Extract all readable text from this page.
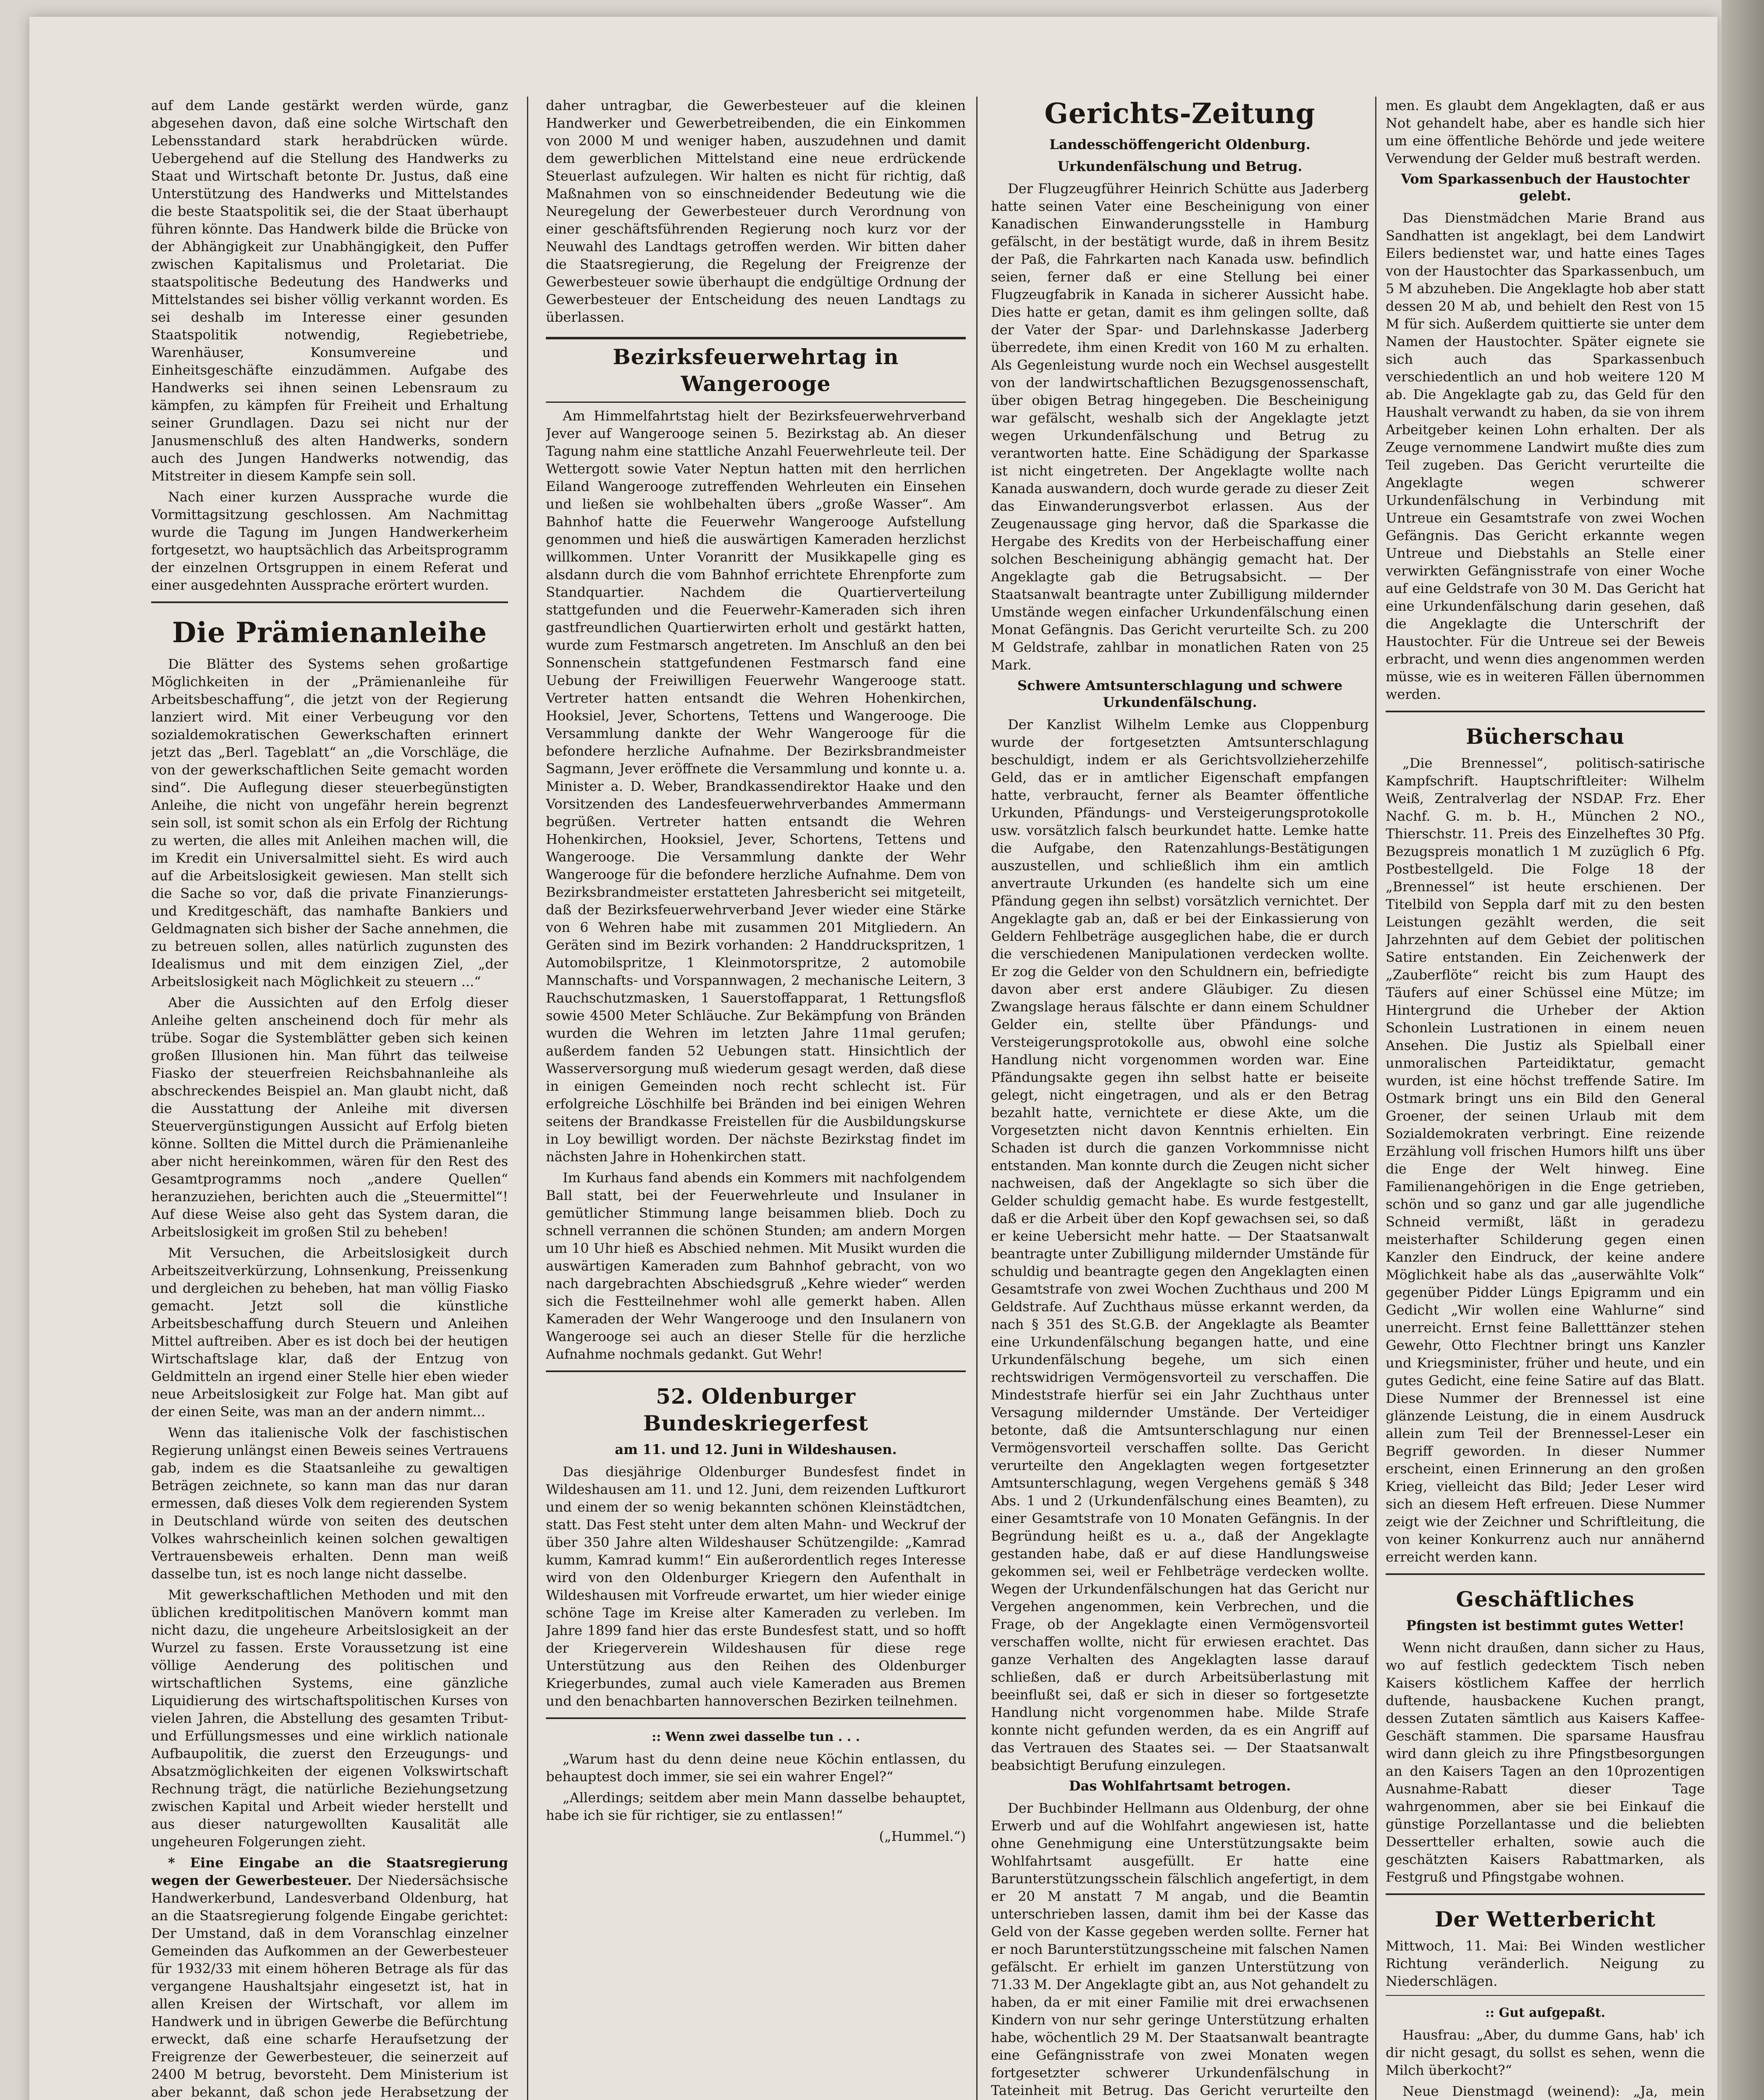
auf dem Lande gestärkt werden würde, ganz abgesehen davon, daß eine solche Wirtschaft den Lebensstandard stark herabdrücken würde. Uebergehend auf die Stellung des Handwerks zu Staat und Wirtschaft betonte Dr. Justus, daß eine Unterstützung des Handwerks und Mittelstandes die beste Staatspolitik sei, die der Staat überhaupt führen könnte. Das Handwerk bilde die Brücke von der Abhängigkeit zur Unabhängigkeit, den Puffer zwischen Kapitalismus und Proletariat. Die staatspolitische Bedeutung des Handwerks und Mittelstandes sei bisher völlig verkannt worden. Es sei deshalb im Interesse einer gesunden Staatspolitik notwendig, Regiebetriebe, Warenhäuser, Konsumvereine und Einheitsgeschäfte einzudämmen. Aufgabe des Handwerks sei ihnen seinen Lebensraum zu kämpfen, zu kämpfen für Freiheit und Erhaltung seiner Grundlagen. Dazu sei nicht nur der Janusmenschluß des alten Handwerks, sondern auch des Jungen Handwerks notwendig, das Mitstreiter in diesem Kampfe sein soll.

Nach einer kurzen Aussprache wurde die Vormittagsitzung geschlossen. Am Nachmittag wurde die Tagung im Jungen Handwerkerheim fortgesetzt, wo hauptsächlich das Arbeitsprogramm der einzelnen Ortsgruppen in einem Referat und einer ausgedehnten Aussprache erörtert wurden.

Die Prämienanleihe

Die Blätter des Systems sehen großartige Möglichkeiten in der „Prämienanleihe für Arbeitsbeschaffung“, die jetzt von der Regierung lanziert wird. Mit einer Verbeugung vor den sozialdemokratischen Gewerkschaften erinnert jetzt das „Berl. Tageblatt“ an „die Vorschläge, die von der gewerkschaftlichen Seite gemacht worden sind“. Die Auflegung dieser steuerbegünstigten Anleihe, die nicht von ungefähr herein begrenzt sein soll, ist somit schon als ein Erfolg der Richtung zu werten, die alles mit Anleihen machen will, die im Kredit ein Universalmittel sieht. Es wird auch auf die Arbeitslosigkeit gewiesen. Man stellt sich die Sache so vor, daß die private Finanzierungs- und Kreditgeschäft, das namhafte Bankiers und Geldmagnaten sich bisher der Sache annehmen, die zu betreuen sollen, alles natürlich zugunsten des Idealismus und mit dem einzigen Ziel, „der Arbeitslosigkeit nach Möglichkeit zu steuern ...“

Aber die Aussichten auf den Erfolg dieser Anleihe gelten anscheinend doch für mehr als trübe. Sogar die Systemblätter geben sich keinen großen Illusionen hin. Man führt das teilweise Fiasko der steuerfreien Reichsbahnanleihe als abschreckendes Beispiel an. Man glaubt nicht, daß die Ausstattung der Anleihe mit diversen Steuervergünstigungen Aussicht auf Erfolg bieten könne. Sollten die Mittel durch die Prämienanleihe aber nicht hereinkommen, wären für den Rest des Gesamtprogramms noch „andere Quellen“ heranzuziehen, berichten auch die „Steuermittel“! Auf diese Weise also geht das System daran, die Arbeitslosigkeit im großen Stil zu beheben!

Mit Versuchen, die Arbeitslosigkeit durch Arbeitszeitverkürzung, Lohnsenkung, Preissenkung und dergleichen zu beheben, hat man völlig Fiasko gemacht. Jetzt soll die künstliche Arbeitsbeschaffung durch Steuern und Anleihen Mittel auftreiben. Aber es ist doch bei der heutigen Wirtschaftslage klar, daß der Entzug von Geldmitteln an irgend einer Stelle hier eben wieder neue Arbeitslosigkeit zur Folge hat. Man gibt auf der einen Seite, was man an der andern nimmt...

Wenn das italienische Volk der faschistischen Regierung unlängst einen Beweis seines Vertrauens gab, indem es die Staatsanleihe zu gewaltigen Beträgen zeichnete, so kann man das nur daran ermessen, daß dieses Volk dem regierenden System in Deutschland würde von seiten des deutschen Volkes wahrscheinlich keinen solchen gewaltigen Vertrauensbeweis erhalten. Denn man weiß dasselbe tun, ist es noch lange nicht dasselbe.

Mit gewerkschaftlichen Methoden und mit den üblichen kreditpolitischen Manövern kommt man nicht dazu, die ungeheure Arbeitslosigkeit an der Wurzel zu fassen. Erste Voraussetzung ist eine völlige Aenderung des politischen und wirtschaftlichen Systems, eine gänzliche Liquidierung des wirtschaftspolitischen Kurses von vielen Jahren, die Abstellung des gesamten Tribut- und Erfüllungsmesses und eine wirklich nationale Aufbaupolitik, die zuerst den Erzeugungs- und Absatzmöglichkeiten der eigenen Volkswirtschaft Rechnung trägt, die natürliche Beziehungsetzung zwischen Kapital und Arbeit wieder herstellt und aus dieser naturgewollten Kausalität alle ungeheuren Folgerungen zieht.

* Eine Eingabe an die Staatsregierung wegen der Gewerbesteuer. Der Niedersächsische Handwerkerbund, Landesverband Oldenburg, hat an die Staatsregierung folgende Eingabe gerichtet: Der Umstand, daß in dem Voranschlag einzelner Gemeinden das Aufkommen an der Gewerbesteuer für 1932/33 mit einem höheren Betrage als für das vergangene Haushaltsjahr eingesetzt ist, hat in allen Kreisen der Wirtschaft, vor allem im Handwerk und in übrigen Gewerbe die Befürchtung erweckt, daß eine scharfe Heraufsetzung der Freigrenze der Gewerbesteuer, die seinerzeit auf 2400 M betrug, bevorsteht. Dem Ministerium ist aber bekannt, daß schon jede Herabsetzung der

daher untragbar, die Gewerbesteuer auf die kleinen Handwerker und Gewerbetreibenden, die ein Einkommen von 2000 M und weniger haben, auszudehnen und damit dem gewerblichen Mittelstand eine neue erdrückende Steuerlast aufzulegen. Wir halten es nicht für richtig, daß Maßnahmen von so einschneidender Bedeutung wie die Neuregelung der Gewerbesteuer durch Verordnung von einer geschäftsführenden Regierung noch kurz vor der Neuwahl des Landtags getroffen werden. Wir bitten daher die Staatsregierung, die Regelung der Freigrenze der Gewerbesteuer sowie überhaupt die endgültige Ordnung der Gewerbesteuer der Entscheidung des neuen Landtags zu überlassen.

Bezirksfeuerwehrtag in Wangerooge

Am Himmelfahrtstag hielt der Bezirksfeuerwehrverband Jever auf Wangerooge seinen 5. Bezirkstag ab. An dieser Tagung nahm eine stattliche Anzahl Feuerwehrleute teil. Der Wettergott sowie Vater Neptun hatten mit den herrlichen Eiland Wangerooge zutreffenden Wehrleuten ein Einsehen und ließen sie wohlbehalten übers „große Wasser“. Am Bahnhof hatte die Feuerwehr Wangerooge Aufstellung genommen und hieß die auswärtigen Kameraden herzlichst willkommen. Unter Voranritt der Musikkapelle ging es alsdann durch die vom Bahnhof errichtete Ehrenpforte zum Standquartier. Nachdem die Quartierverteilung stattgefunden und die Feuerwehr-Kameraden sich ihren gastfreundlichen Quartierwirten erholt und gestärkt hatten, wurde zum Festmarsch angetreten. Im Anschluß an den bei Sonnenschein stattgefundenen Festmarsch fand eine Uebung der Freiwilligen Feuerwehr Wangerooge statt. Vertreter hatten entsandt die Wehren Hohenkirchen, Hooksiel, Jever, Schortens, Tettens und Wangerooge. Die Versammlung dankte der Wehr Wangerooge für die befondere herzliche Aufnahme. Der Bezirksbrandmeister Sagmann, Jever eröffnete die Versammlung und konnte u. a. Minister a. D. Weber, Brandkassendirektor Haake und den Vorsitzenden des Landesfeuerwehrverbandes Ammermann begrüßen. Vertreter hatten entsandt die Wehren Hohenkirchen, Hooksiel, Jever, Schortens, Tettens und Wangerooge. Die Versammlung dankte der Wehr Wangerooge für die befondere herzliche Aufnahme. Dem von Bezirksbrandmeister erstatteten Jahresbericht sei mitgeteilt, daß der Bezirksfeuerwehrverband Jever wieder eine Stärke von 6 Wehren habe mit zusammen 201 Mitgliedern. An Geräten sind im Bezirk vorhanden: 2 Handdruckspritzen, 1 Automobilspritze, 1 Kleinmotorspritze, 2 automobile Mannschafts- und Vorspannwagen, 2 mechanische Leitern, 3 Rauchschutzmasken, 1 Sauerstoffapparat, 1 Rettungsfloß sowie 4500 Meter Schläuche. Zur Bekämpfung von Bränden wurden die Wehren im letzten Jahre 11mal gerufen; außerdem fanden 52 Uebungen statt. Hinsichtlich der Wasserversorgung muß wiederum gesagt werden, daß diese in einigen Gemeinden noch recht schlecht ist. Für erfolgreiche Löschhilfe bei Bränden ind bei einigen Wehren seitens der Brandkasse Freistellen für die Ausbildungskurse in Loy bewilligt worden. Der nächste Bezirkstag findet im nächsten Jahre in Hohenkirchen statt.

Im Kurhaus fand abends ein Kommers mit nachfolgendem Ball statt, bei der Feuerwehrleute und Insulaner in gemütlicher Stimmung lange beisammen blieb. Doch zu schnell verrannen die schönen Stunden; am andern Morgen um 10 Uhr hieß es Abschied nehmen. Mit Musikt wurden die auswärtigen Kameraden zum Bahnhof gebracht, von wo nach dargebrachten Abschiedsgruß „Kehre wieder“ werden sich die Festteilnehmer wohl alle gemerkt haben. Allen Kameraden der Wehr Wangerooge und den Insulanern von Wangerooge sei auch an dieser Stelle für die herzliche Aufnahme nochmals gedankt. Gut Wehr!

52. Oldenburger Bundeskriegerfest
am 11. und 12. Juni in Wildeshausen.

Das diesjährige Oldenburger Bundesfest findet in Wildeshausen am 11. und 12. Juni, dem reizenden Luftkurort und einem der so wenig bekannten schönen Kleinstädtchen, statt. Das Fest steht unter dem alten Mahn- und Weckruf der über 350 Jahre alten Wildeshauser Schützengilde: „Kamrad kumm, Kamrad kumm!“ Ein außerordentlich reges Interesse wird von den Oldenburger Kriegern den Aufenthalt in Wildeshausen mit Vorfreude erwartet, um hier wieder einige schöne Tage im Kreise alter Kameraden zu verleben. Im Jahre 1899 fand hier das erste Bundesfest statt, und so hofft der Kriegerverein Wildeshausen für diese rege Unterstützung aus den Reihen des Oldenburger Kriegerbundes, zumal auch viele Kameraden aus Bremen und den benachbarten hannoverschen Bezirken teilnehmen.

:: Wenn zwei dasselbe tun . . .

„Warum hast du denn deine neue Köchin entlassen, du behauptest doch immer, sie sei ein wahrer Engel?“

„Allerdings; seitdem aber mein Mann dasselbe behauptet, habe ich sie für richtiger, sie zu entlassen!“

(„Hummel.“)

Gerichts-Zeitung
Landesschöffengericht Oldenburg.
Urkundenfälschung und Betrug.

Der Flugzeugführer Heinrich Schütte aus Jaderberg hatte seinen Vater eine Bescheinigung von einer Kanadischen Einwanderungsstelle in Hamburg gefälscht, in der bestätigt wurde, daß in ihrem Besitz der Paß, die Fahrkarten nach Kanada usw. befindlich seien, ferner daß er eine Stellung bei einer Flugzeugfabrik in Kanada in sicherer Aussicht habe. Dies hatte er getan, damit es ihm gelingen sollte, daß der Vater der Spar- und Darlehnskasse Jaderberg überredete, ihm einen Kredit von 160 M zu erhalten. Als Gegenleistung wurde noch ein Wechsel ausgestellt von der landwirtschaftlichen Bezugsgenossenschaft, über obigen Betrag hingegeben. Die Bescheinigung war gefälscht, weshalb sich der Angeklagte jetzt wegen Urkundenfälschung und Betrug zu verantworten hatte. Eine Schädigung der Sparkasse ist nicht eingetreten. Der Angeklagte wollte nach Kanada auswandern, doch wurde gerade zu dieser Zeit das Einwanderungsverbot erlassen. Aus der Zeugenaussage ging hervor, daß die Sparkasse die Hergabe des Kredits von der Herbeischaffung einer solchen Bescheinigung abhängig gemacht hat. Der Angeklagte gab die Betrugsabsicht. — Der Staatsanwalt beantragte unter Zubilligung mildernder Umstände wegen einfacher Urkundenfälschung einen Monat Gefängnis. Das Gericht verurteilte Sch. zu 200 M Geldstrafe, zahlbar in monatlichen Raten von 25 Mark.

Schwere Amtsunterschlagung und schwere Urkundenfälschung.

Der Kanzlist Wilhelm Lemke aus Cloppenburg wurde der fortgesetzten Amtsunterschlagung beschuldigt, indem er als Gerichtsvollzieherzehilfe Geld, das er in amtlicher Eigenschaft empfangen hatte, verbraucht, ferner als Beamter öffentliche Urkunden, Pfändungs- und Versteigerungsprotokolle usw. vorsätzlich falsch beurkundet hatte. Lemke hatte die Aufgabe, den Ratenzahlungs-Bestätigungen auszustellen, und schließlich ihm ein amtlich anvertraute Urkunden (es handelte sich um eine Pfändung gegen ihn selbst) vorsätzlich vernichtet. Der Angeklagte gab an, daß er bei der Einkassierung von Geldern Fehlbeträge ausgeglichen habe, die er durch die verschiedenen Manipulationen verdecken wollte. Er zog die Gelder von den Schuldnern ein, befriedigte davon aber erst andere Gläubiger. Zu diesen Zwangslage heraus fälschte er dann einem Schuldner Gelder ein, stellte über Pfändungs- und Versteigerungsprotokolle aus, obwohl eine solche Handlung nicht vorgenommen worden war. Eine Pfändungsakte gegen ihn selbst hatte er beiseite gelegt, nicht eingetragen, und als er den Betrag bezahlt hatte, vernichtete er diese Akte, um die Vorgesetzten nicht davon Kenntnis erhielten. Ein Schaden ist durch die ganzen Vorkommnisse nicht entstanden. Man konnte durch die Zeugen nicht sicher nachweisen, daß der Angeklagte so sich über die Gelder schuldig gemacht habe. Es wurde festgestellt, daß er die Arbeit über den Kopf gewachsen sei, so daß er keine Uebersicht mehr hatte. — Der Staatsanwalt beantragte unter Zubilligung mildernder Umstände für schuldig und beantragte gegen den Angeklagten einen Gesamtstrafe von zwei Wochen Zuchthaus und 200 M Geldstrafe. Auf Zuchthaus müsse erkannt werden, da nach § 351 des St.G.B. der Angeklagte als Beamter eine Urkundenfälschung begangen hatte, und eine Urkundenfälschung begehe, um sich einen rechtswidrigen Vermögensvorteil zu verschaffen. Die Mindeststrafe hierfür sei ein Jahr Zuchthaus unter Versagung mildernder Umstände. Der Verteidiger betonte, daß die Amtsunterschlagung nur einen Vermögensvorteil verschaffen sollte. Das Gericht verurteilte den Angeklagten wegen fortgesetzter Amtsunterschlagung, wegen Vergehens gemäß § 348 Abs. 1 und 2 (Urkundenfälschung eines Beamten), zu einer Gesamtstrafe von 10 Monaten Gefängnis. In der Begründung heißt es u. a., daß der Angeklagte gestanden habe, daß er auf diese Handlungsweise gekommen sei, weil er Fehlbeträge verdecken wollte. Wegen der Urkundenfälschungen hat das Gericht nur Vergehen angenommen, kein Verbrechen, und die Frage, ob der Angeklagte einen Vermögensvorteil verschaffen wollte, nicht für erwiesen erachtet. Das ganze Verhalten des Angeklagten lasse darauf schließen, daß er durch Arbeitsüberlastung mit beeinflußt sei, daß er sich in dieser so fortgesetzte Handlung nicht vorgenommen habe. Milde Strafe konnte nicht gefunden werden, da es ein Angriff auf das Vertrauen des Staates sei. — Der Staatsanwalt beabsichtigt Berufung einzulegen.

Das Wohlfahrtsamt betrogen.

Der Buchbinder Hellmann aus Oldenburg, der ohne Erwerb und auf die Wohlfahrt angewiesen ist, hatte ohne Genehmigung eine Unterstützungsakte beim Wohlfahrtsamt ausgefüllt. Er hatte eine Barunterstützungsschein fälschlich angefertigt, in dem er 20 M anstatt 7 M angab, und die Beamtin unterschrieben lassen, damit ihm bei der Kasse das Geld von der Kasse gegeben werden sollte. Ferner hat er noch Barunterstützungsscheine mit falschen Namen gefälscht. Er erhielt im ganzen Unterstützung von 71.33 M. Der Angeklagte gibt an, aus Not gehandelt zu haben, da er mit einer Familie mit drei erwachsenen Kindern von nur sehr geringe Unterstützung erhalten habe, wöchentlich 29 M. Der Staatsanwalt beantragte eine Gefängnisstrafe von zwei Monaten wegen fortgesetzter schwerer Urkundenfälschung in Tateinheit mit Betrug. Das Gericht verurteilte den

men. Es glaubt dem Angeklagten, daß er aus Not gehandelt habe, aber es handle sich hier um eine öffentliche Behörde und jede weitere Verwendung der Gelder muß bestraft werden.

Vom Sparkassenbuch der Haustochter gelebt.

Das Dienstmädchen Marie Brand aus Sandhatten ist angeklagt, bei dem Landwirt Eilers bedienstet war, und hatte eines Tages von der Haustochter das Sparkassenbuch, um 5 M abzuheben. Die Angeklagte hob aber statt dessen 20 M ab, und behielt den Rest von 15 M für sich. Außerdem quittierte sie unter dem Namen der Haustochter. Später eignete sie sich auch das Sparkassenbuch verschiedentlich an und hob weitere 120 M ab. Die Angeklagte gab zu, das Geld für den Haushalt verwandt zu haben, da sie von ihrem Arbeitgeber keinen Lohn erhalten. Der als Zeuge vernommene Landwirt mußte dies zum Teil zugeben. Das Gericht verurteilte die Angeklagte wegen schwerer Urkundenfälschung in Verbindung mit Untreue ein Gesamtstrafe von zwei Wochen Gefängnis. Das Gericht erkannte wegen Untreue und Diebstahls an Stelle einer verwirkten Gefängnisstrafe von einer Woche auf eine Geldstrafe von 30 M. Das Gericht hat eine Urkundenfälschung darin gesehen, daß die Angeklagte die Unterschrift der Haustochter. Für die Untreue sei der Beweis erbracht, und wenn dies angenommen werden müsse, wie es in weiteren Fällen übernommen werden.

Bücherschau

„Die Brennessel“, politisch-satirische Kampfschrift. Hauptschriftleiter: Wilhelm Weiß, Zentralverlag der NSDAP. Frz. Eher Nachf. G. m. b. H., München 2 NO., Thierschstr. 11. Preis des Einzelheftes 30 Pfg. Bezugspreis monatlich 1 M zuzüglich 6 Pfg. Postbestellgeld. Die Folge 18 der „Brennessel“ ist heute erschienen. Der Titelbild von Seppla darf mit zu den besten Leistungen gezählt werden, die seit Jahrzehnten auf dem Gebiet der politischen Satire entstanden. Ein Zeichenwerk der „Zauberflöte“ reicht bis zum Haupt des Täufers auf einer Schüssel eine Mütze; im Hintergrund die Urheber der Aktion Schonlein Lustrationen in einem neuen Ansehen. Die Justiz als Spielball einer unmoralischen Parteidiktatur, gemacht wurden, ist eine höchst treffende Satire. Im Ostmark bringt uns ein Bild den General Groener, der seinen Urlaub mit dem Sozialdemokraten verbringt. Eine reizende Erzählung voll frischen Humors hilft uns über die Enge der Welt hinweg. Eine Familienangehörigen in die Enge getrieben, schön und so ganz und gar alle jugendliche Schneid vermißt, läßt in geradezu meisterhafter Schilderung gegen einen Kanzler den Eindruck, der keine andere Möglichkeit habe als das „auserwählte Volk“ gegenüber Pidder Lüngs Epigramm und ein Gedicht „Wir wollen eine Wahlurne“ sind unerreicht. Ernst feine Balletttänzer stehen Gewehr, Otto Flechtner bringt uns Kanzler und Kriegsminister, früher und heute, und ein gutes Gedicht, eine feine Satire auf das Blatt. Diese Nummer der Brennessel ist eine glänzende Leistung, die in einem Ausdruck allein zum Teil der Brennessel-Leser ein Begriff geworden. In dieser Nummer erscheint, einen Erinnerung an den großen Krieg, vielleicht das Bild; Jeder Leser wird sich an diesem Heft erfreuen. Diese Nummer zeigt wie der Zeichner und Schriftleitung, die von keiner Konkurrenz auch nur annähernd erreicht werden kann.

Geschäftliches
Pfingsten ist bestimmt gutes Wetter!

Wenn nicht draußen, dann sicher zu Haus, wo auf festlich gedecktem Tisch neben Kaisers köstlichem Kaffee der herrlich duftende, hausbackene Kuchen prangt, dessen Zutaten sämtlich aus Kaisers Kaffee-Geschäft stammen. Die sparsame Hausfrau wird dann gleich zu ihre Pfingstbesorgungen an den Kaisers Tagen an den 10prozentigen Ausnahme-Rabatt dieser Tage wahrgenommen, aber sie bei Einkauf die günstige Porzellantasse und die beliebten Dessertteller erhalten, sowie auch die geschätzten Kaisers Rabattmarken, als Festgruß und Pfingstgabe wohnen.

Der Wetterbericht

Mittwoch, 11. Mai: Bei Winden westlicher Richtung veränderlich. Neigung zu Niederschlägen.

:: Gut aufgepaßt.

Hausfrau: „Aber, du dumme Gans, hab' ich dir nicht gesagt, du sollst es sehen, wenn die Milch überkocht?“

Neue Dienstmagd (weinend): „Ja, mein
